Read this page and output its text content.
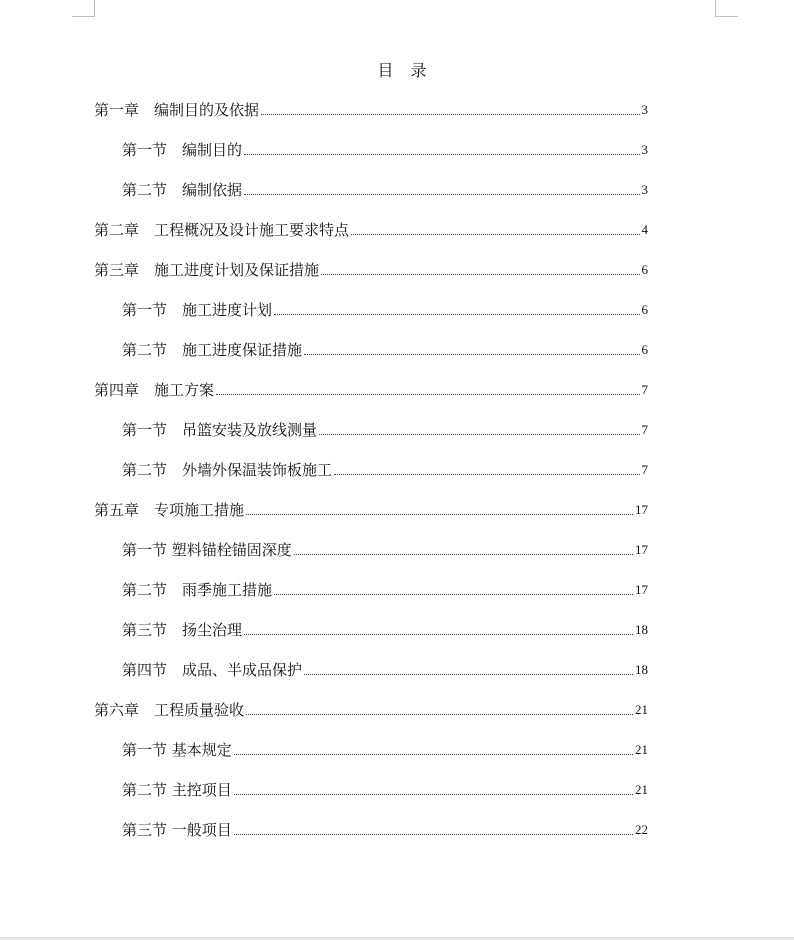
目 录
第一章　编制目的及依据	3
第一节　编制目的	3
第二节　编制依据	3
第二章　工程概况及设计施工要求特点	4
第三章　施工进度计划及保证措施	6
第一节　施工进度计划	6
第二节　施工进度保证措施	6
第四章　施工方案	7
第一节　吊篮安装及放线测量	7
第二节　外墙外保温装饰板施工	7
第五章　专项施工措施	17
第一节 塑料锚栓锚固深度	17
第二节　雨季施工措施	17
第三节　扬尘治理	18
第四节　成品、半成品保护	18
第六章　工程质量验收	21
第一节 基本规定	21
第二节 主控项目	21
第三节 一般项目	22
